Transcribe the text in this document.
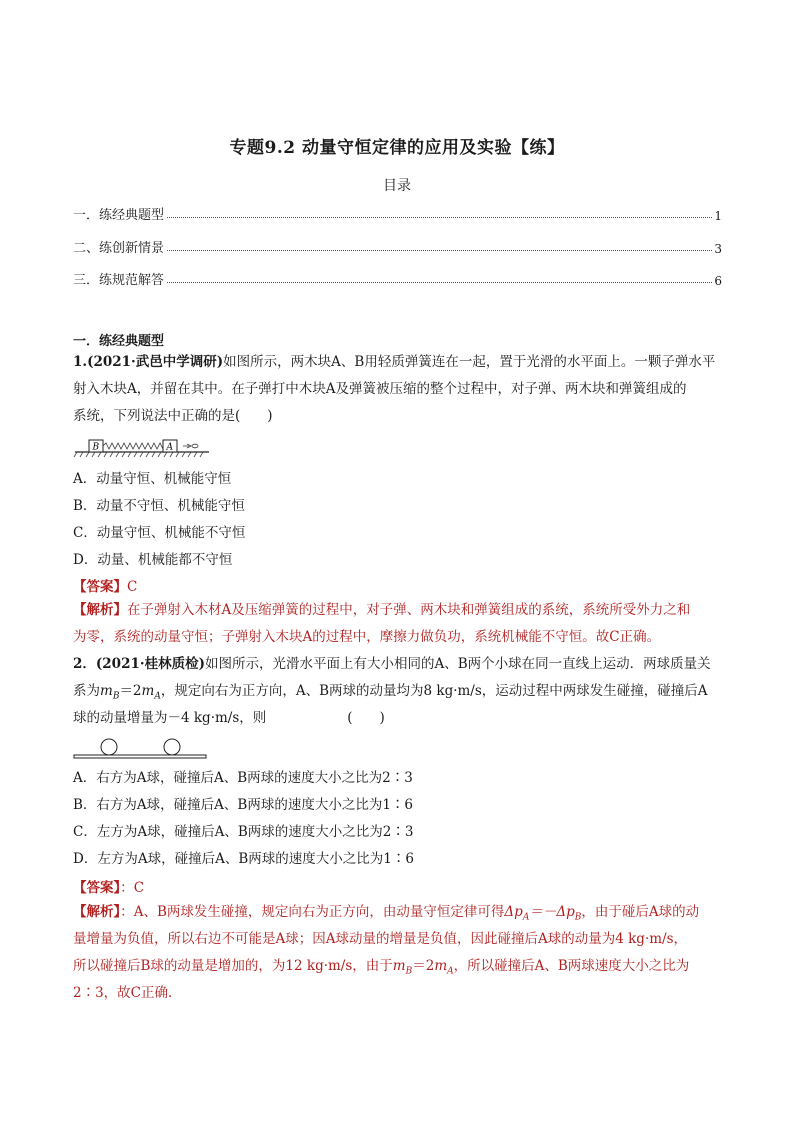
专题9.2 动量守恒定律的应用及实验【练】
目录
一．练经典题型	1
二、练创新情景	3
三．练规范解答	6
一．练经典题型
1.(2021·武邑中学调研)如图所示，两木块A、B用轻质弹簧连在一起，置于光滑的水平面上。一颗子弹水平
射入木块A，并留在其中。在子弹打中木块A及弹簧被压缩的整个过程中，对子弹、两木块和弹簧组成的
系统，下列说法中正确的是(　　)
B	A
A．动量守恒、机械能守恒
B．动量不守恒、机械能守恒
C．动量守恒、机械能不守恒
D．动量、机械能都不守恒
【答案】C
【解析】在子弹射入木材A及压缩弹簧的过程中，对子弹、两木块和弹簧组成的系统，系统所受外力之和
为零，系统的动量守恒；子弹射入木块A的过程中，摩擦力做负功，系统机械能不守恒。故C正确。
2．(2021·桂林质检)如图所示，光滑水平面上有大小相同的A、B两个小球在同一直线上运动．两球质量关
系为$m_B=2m_A$，规定向右为正方向，A、B两球的动量均为8 kg·m/s，运动过程中两球发生碰撞，碰撞后A
球的动量增量为－4 kg·m/s，则　　　　　　(　　)
A．右方为A球，碰撞后A、B两球的速度大小之比为2∶3
B．右方为A球，碰撞后A、B两球的速度大小之比为1∶6
C．左方为A球，碰撞后A、B两球的速度大小之比为2∶3
D．左方为A球，碰撞后A、B两球的速度大小之比为1∶6
【答案】：C
【解析】：A、B两球发生碰撞，规定向右为正方向，由动量守恒定律可得$\Delta p_A=-\Delta p_B$，由于碰后A球的动
量增量为负值，所以右边不可能是A球；因A球动量的增量是负值，因此碰撞后A球的动量为4 kg·m/s，
所以碰撞后B球的动量是增加的，为12 kg·m/s，由于$m_B=2m_A$，所以碰撞后A、B两球速度大小之比为
2∶3，故C正确．
